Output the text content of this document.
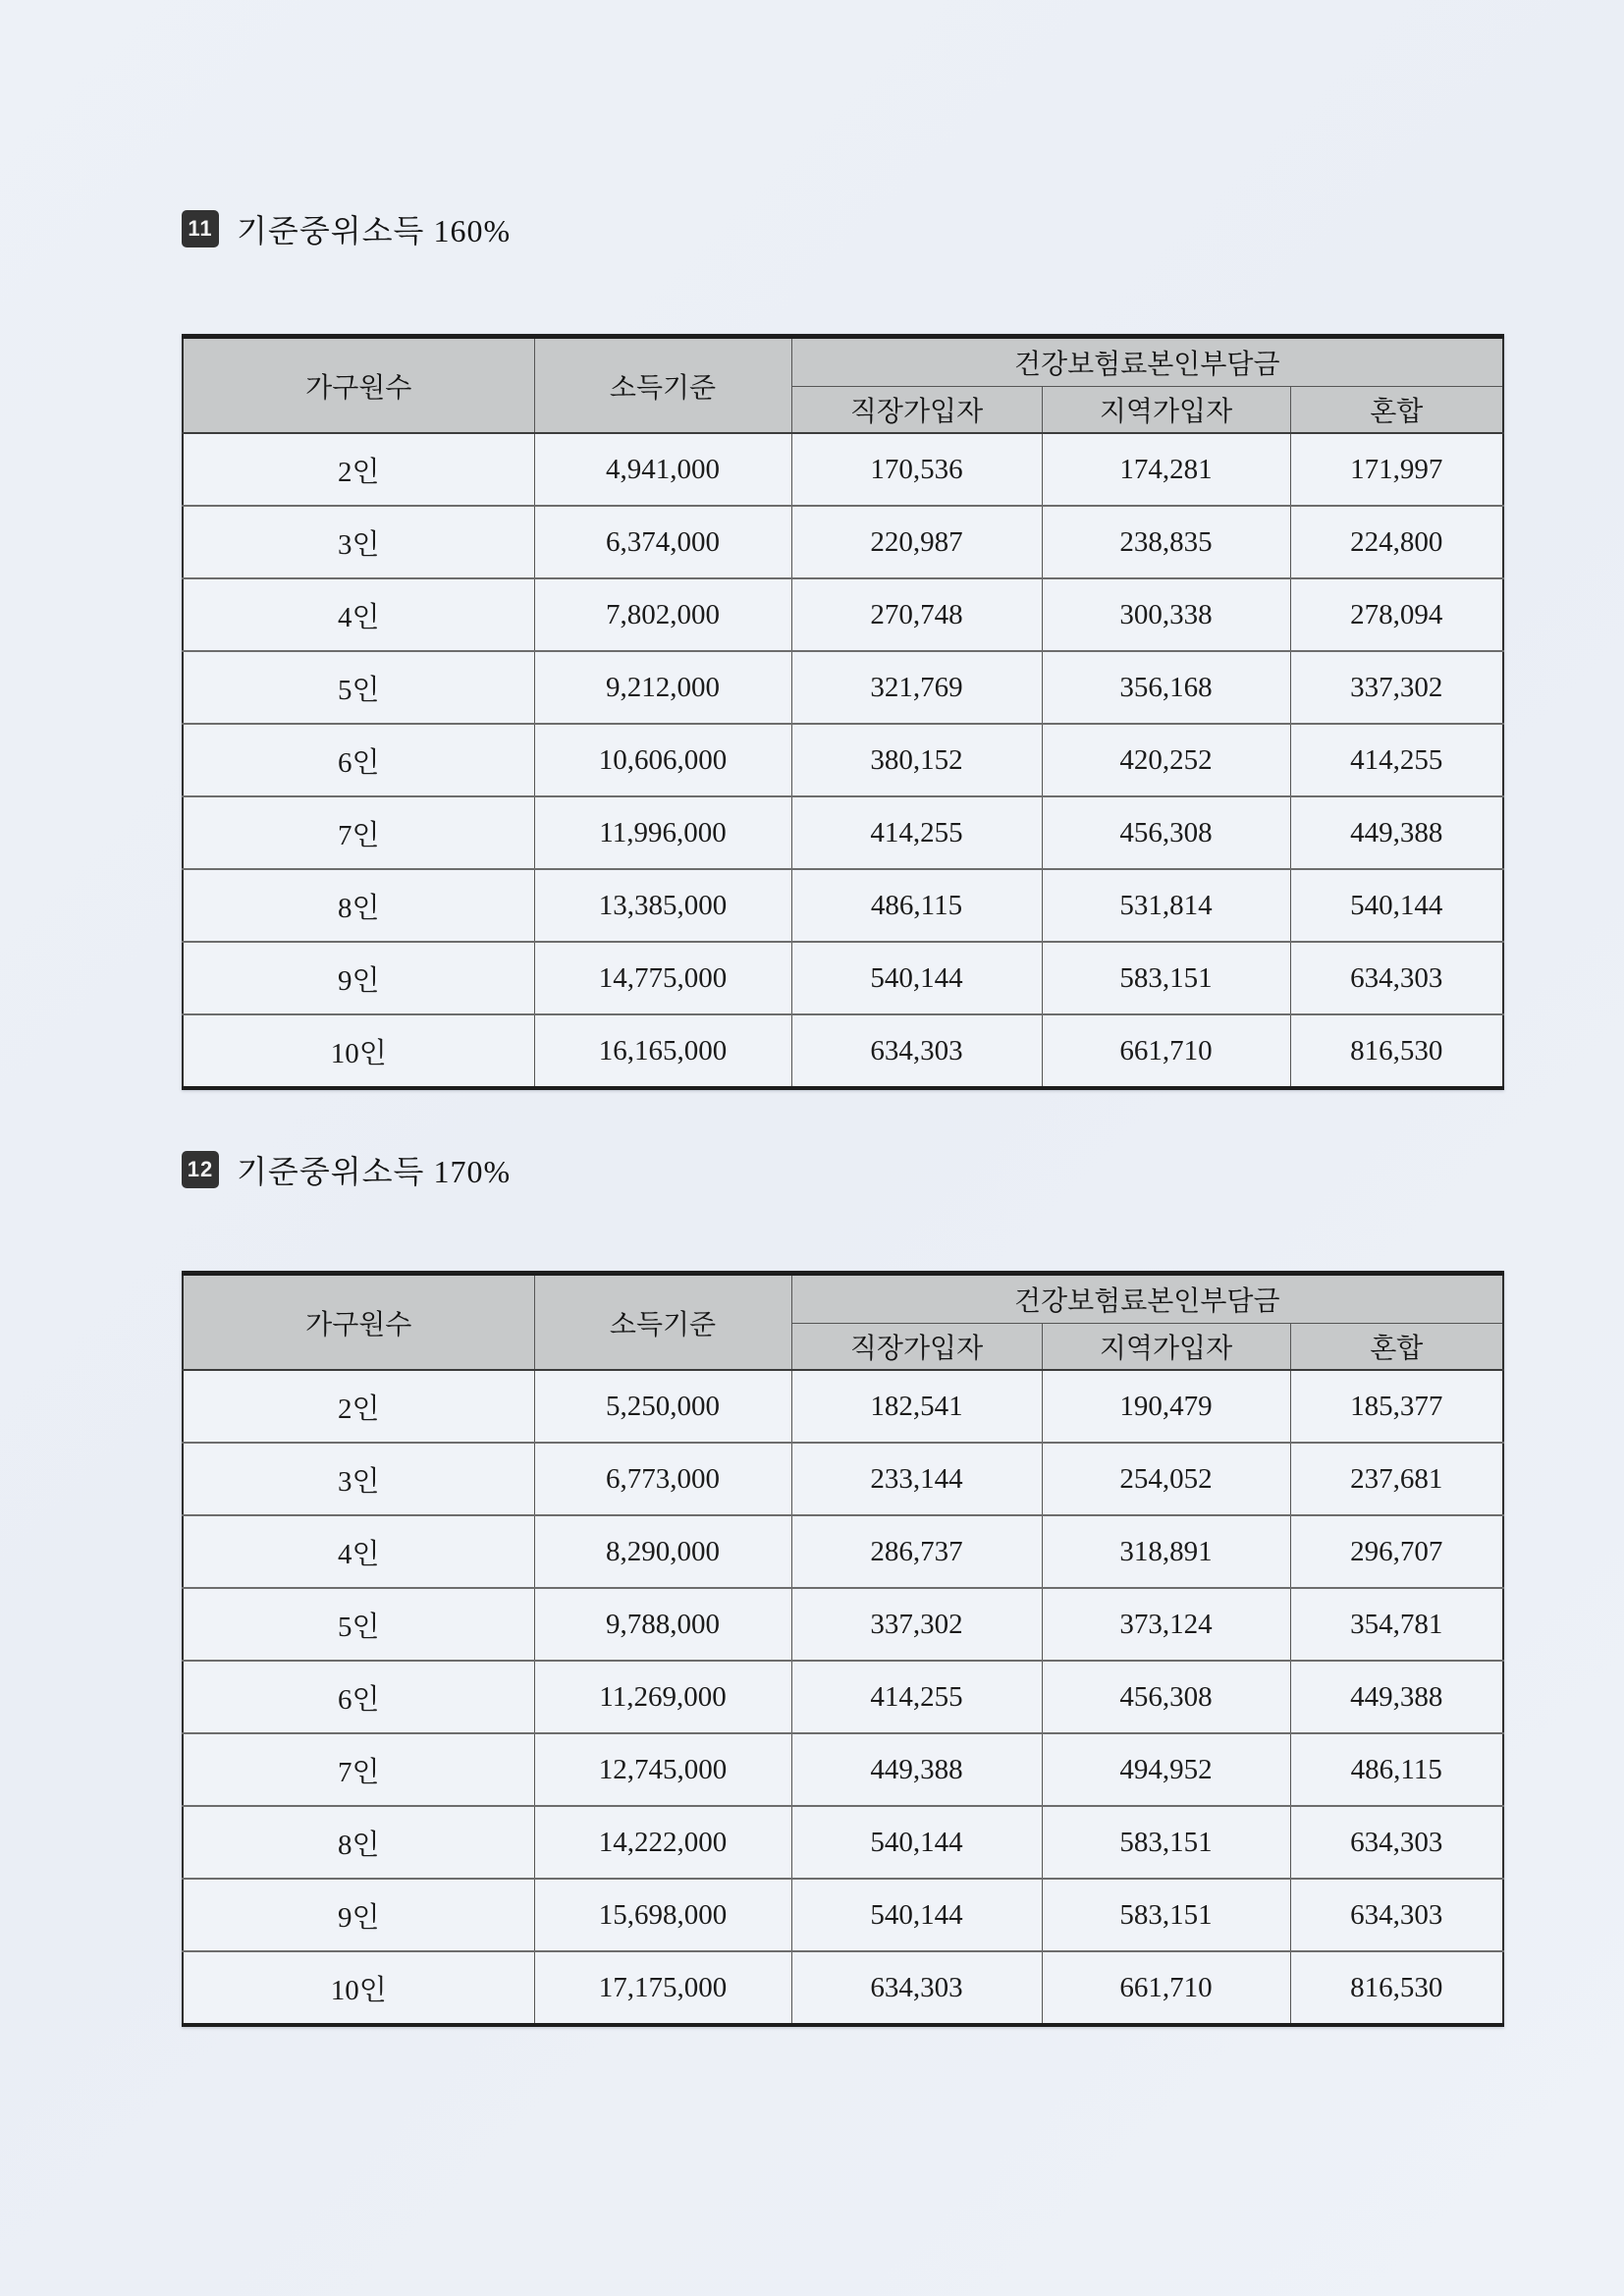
11 기준중위소득 160%
가구원수	소득기준	건강보험료본인부담금		
		직장가입자	지역가입자	혼합
2인	4,941,000	170,536	174,281	171,997
3인	6,374,000	220,987	238,835	224,800
4인	7,802,000	270,748	300,338	278,094
5인	9,212,000	321,769	356,168	337,302
6인	10,606,000	380,152	420,252	414,255
7인	11,996,000	414,255	456,308	449,388
8인	13,385,000	486,115	531,814	540,144
9인	14,775,000	540,144	583,151	634,303
10인	16,165,000	634,303	661,710	816,530
12 기준중위소득 170%
가구원수	소득기준	건강보험료본인부담금		
		직장가입자	지역가입자	혼합
2인	5,250,000	182,541	190,479	185,377
3인	6,773,000	233,144	254,052	237,681
4인	8,290,000	286,737	318,891	296,707
5인	9,788,000	337,302	373,124	354,781
6인	11,269,000	414,255	456,308	449,388
7인	12,745,000	449,388	494,952	486,115
8인	14,222,000	540,144	583,151	634,303
9인	15,698,000	540,144	583,151	634,303
10인	17,175,000	634,303	661,710	816,530
